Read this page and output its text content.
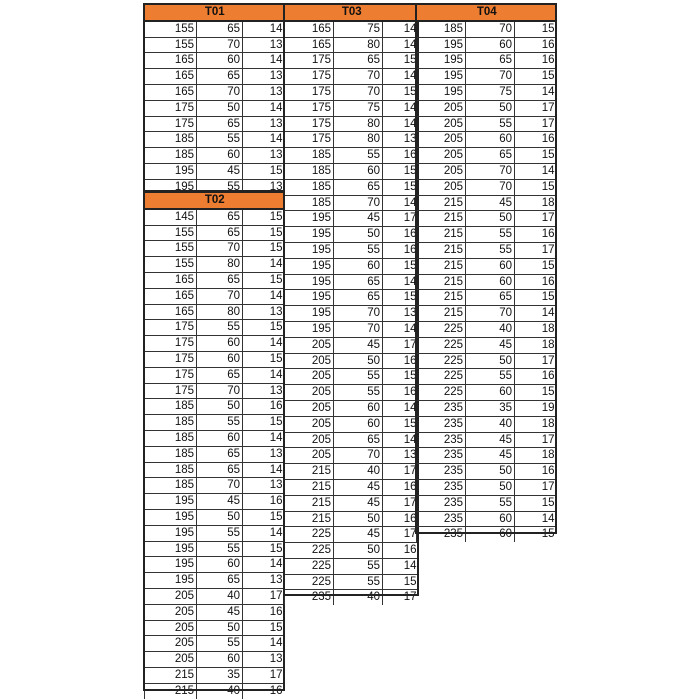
T01		
155	65	14
155	70	13
165	60	14
165	65	13
165	70	13
175	50	14
175	65	13
185	55	14
185	60	13
195	45	15
195	55	13
T02		
145	65	15
155	65	15
155	70	15
155	80	14
165	65	15
165	70	14
165	80	13
175	55	15
175	60	14
175	60	15
175	65	14
175	70	13
185	50	16
185	55	15
185	60	14
185	65	13
185	65	14
185	70	13
195	45	16
195	50	15
195	55	14
195	55	15
195	60	14
195	65	13
205	40	17
205	45	16
205	50	15
205	55	14
205	60	13
215	35	17
215	40	16
T03		
165	75	14
165	80	14
175	65	15
175	70	14
175	70	15
175	75	14
175	80	14
175	80	13
185	55	16
185	60	15
185	65	15
185	70	14
195	45	17
195	50	16
195	55	16
195	60	15
195	65	14
195	65	15
195	70	13
195	70	14
205	45	17
205	50	16
205	55	15
205	55	16
205	60	14
205	60	15
205	65	14
205	70	13
215	40	17
215	45	16
215	45	17
215	50	16
225	45	17
225	50	16
225	55	14
225	55	15
235	40	17
T04		
185	70	15
195	60	16
195	65	16
195	70	15
195	75	14
205	50	17
205	55	17
205	60	16
205	65	15
205	70	14
205	70	15
215	45	18
215	50	17
215	55	16
215	55	17
215	60	15
215	60	16
215	65	15
215	70	14
225	40	18
225	45	18
225	50	17
225	55	16
225	60	15
235	35	19
235	40	18
235	45	17
235	45	18
235	50	16
235	50	17
235	55	15
235	60	14
235	60	15
